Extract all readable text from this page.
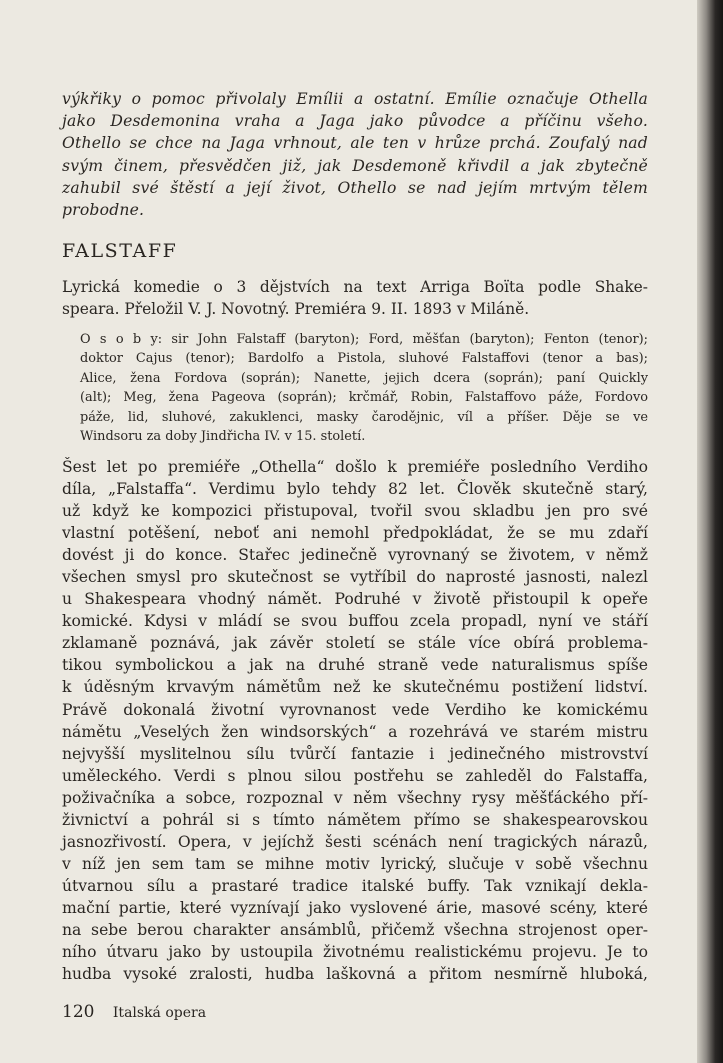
výkřiky o pomoc přivolaly Emílii a ostatní. Emílie označuje Othella
jako Desdemonina vraha a Jaga jako původce a příčinu všeho.
Othello se chce na Jaga vrhnout, ale ten v hrůze prchá. Zoufalý nad
svým činem, přesvědčen již, jak Desdemoně křivdil a jak zbytečně
zahubil své štěstí a její život, Othello se nad jejím mrtvým tělem
probodne.
FALSTAFF
Lyrická komedie o 3 dějstvích na text Arriga Boïta podle Shake-
speara. Přeložil V. J. Novotný. Premiéra 9. II. 1893 v Miláně.
O s o b y: sir John Falstaff (baryton); Ford, měšťan (baryton); Fenton (tenor);
doktor Cajus (tenor); Bardolfo a Pistola, sluhové Falstaffovi (tenor a bas);
Alice, žena Fordova (soprán); Nanette, jejich dcera (soprán); paní Quickly
(alt); Meg, žena Pageova (soprán); krčmář, Robin, Falstaffovo páže, Fordovo
páže, lid, sluhové, zakuklenci, masky čarodějnic, víl a příšer. Děje se ve
Windsoru za doby Jindřicha IV. v 15. století.
Šest let po premiéře „Othella“ došlo k premiéře posledního Verdiho
díla, „Falstaffa“. Verdimu bylo tehdy 82 let. Člověk skutečně starý,
už když ke kompozici přistupoval, tvořil svou skladbu jen pro své
vlastní potěšení, neboť ani nemohl předpokládat, že se mu zdaří
dovést ji do konce. Stařec jedinečně vyrovnaný se životem, v němž
všechen smysl pro skutečnost se vytříbil do naprosté jasnosti, nalezl
u Shakespeara vhodný námět. Podruhé v životě přistoupil k opeře
komické. Kdysi v mládí se svou buffou zcela propadl, nyní ve stáří
zklamaně poznává, jak závěr století se stále více obírá problema-
tikou symbolickou a jak na druhé straně vede naturalismus spíše
k úděsným krvavým námětům než ke skutečnému postižení lidství.
Právě dokonalá životní vyrovnanost vede Verdiho ke komickému
námětu „Veselých žen windsorských“ a rozehrává ve starém mistru
nejvyšší myslitelnou sílu tvůrčí fantazie i jedinečného mistrovství
uměleckého. Verdi s plnou silou postřehu se zahleděl do Falstaffa,
poživačníka a sobce, rozpoznal v něm všechny rysy měšťáckého pří-
živnictví a pohrál si s tímto námětem přímo se shakespearovskou
jasnozřivostí. Opera, v jejíchž šesti scénách není tragických nárazů,
v níž jen sem tam se mihne motiv lyrický, slučuje v sobě všechnu
útvarnou sílu a prastaré tradice italské buffy. Tak vznikají dekla-
mační partie, které vyznívají jako vyslovené árie, masové scény, které
na sebe berou charakter ansámblů, přičemž všechna strojenost oper-
ního útvaru jako by ustoupila životnému realistickému projevu. Je to
hudba vysoké zralosti, hudba laškovná a přitom nesmírně hluboká,
120 Italská opera
